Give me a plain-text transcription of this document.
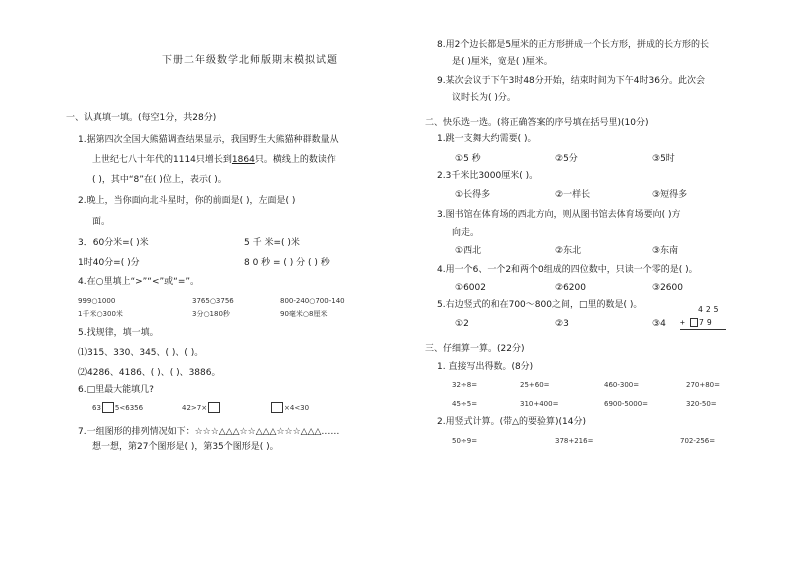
下册二年级数学北师版期末模拟试题
一、认真填一填。(每空1分，共28分)
1.据第四次全国大熊猫调查结果显示，我国野生大熊猫种群数量从
上世纪七八十年代的1114只增长到1864只。横线上的数读作
( )，其中“8”在( )位上，表示( )。
2.晚上，当你面向北斗星时，你的前面是( )，左面是( )
面。
3．60分米=( )米	5 千 米=( )米
1时40分=( )分	8 0 秒 = ( ) 分 ( ) 秒
4.在○里填上“>”“<”或“=”。
999○1000	3765○3756	800-240○700-140
1千米○300米	3分○180秒	90毫米○8厘米
5.找规律，填一填。
⑴315、330、345、( )、( )。
⑵4286、4186、( )、( )、3886。
6.□里最大能填几?
63 5<6356	42>7×	×4<30
7.一组图形的排列情况如下：☆☆☆△△△☆☆△△△☆☆☆△△△……
想一想，第27个图形是( )，第35个图形是( )。
8.用2个边长都是5厘米的正方形拼成一个长方形，拼成的长方形的长
是( )厘米，宽是( )厘米。
9.某次会议于下午3时48分开始，结束时间为下午4时36分。此次会
议时长为( )分。
二、快乐选一选。(将正确答案的序号填在括号里)(10分)
1.跳一支舞大约需要( )。
①5 秒	②5分	③5时
2.3千米比3000厘米( )。
①长得多	②一样长	③短得多
3.图书馆在体育场的西北方向，则从图书馆去体育场要向( )方
向走。
①西北	②东北	③东南
4.用一个6、一个2和两个0组成的四位数中，只读一个零的是( )。
①6002	②6200	③2600
5.右边竖式的和在700～800之间，□里的数是( )。
①2	②3	③4
425
+	79
三、仔细算一算。(22分)
1. 直接写出得数。(8分)
32÷8=	25+60=	460-300=	270+80=
45÷5=	310+400=	6900-5000=	320-50=
2.用竖式计算。(带△的要验算)(14分)
50÷9=	378+216=	702-256=
